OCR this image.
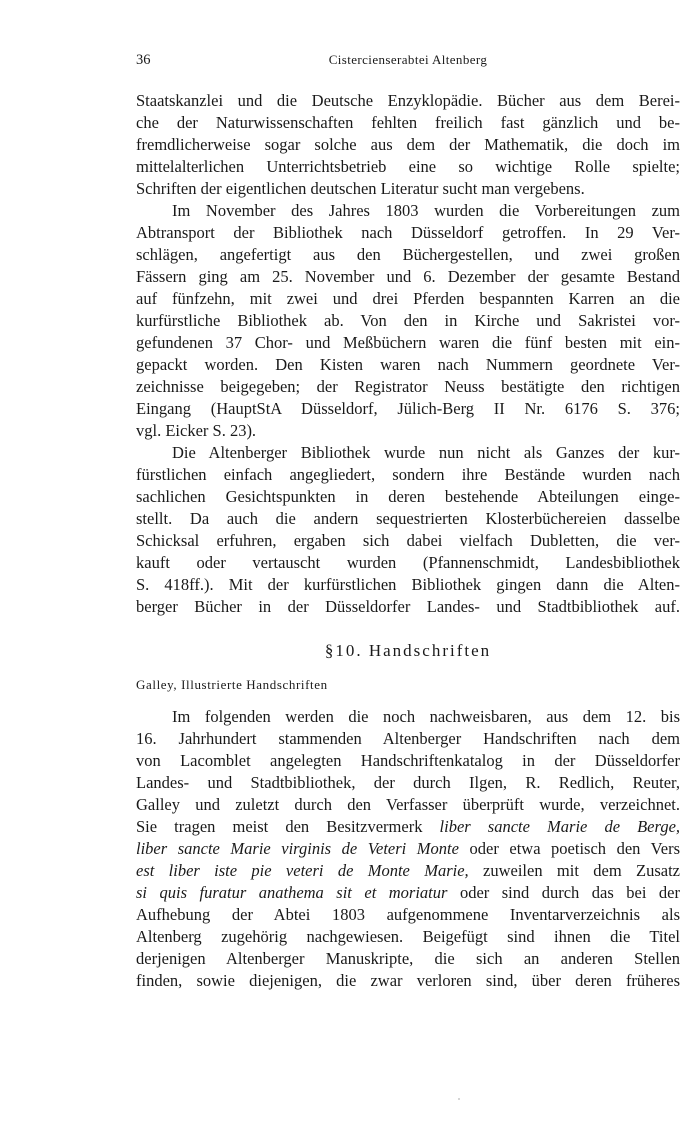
36	Cistercienserabtei Altenberg
Staatskanzlei und die Deutsche Enzyklopädie. Bücher aus dem Berei-
che der Naturwissenschaften fehlten freilich fast gänzlich und be-
fremdlicherweise sogar solche aus dem der Mathematik, die doch im
mittelalterlichen Unterrichtsbetrieb eine so wichtige Rolle spielte;
Schriften der eigentlichen deutschen Literatur sucht man vergebens.
Im November des Jahres 1803 wurden die Vorbereitungen zum
Abtransport der Bibliothek nach Düsseldorf getroffen. In 29 Ver-
schlägen, angefertigt aus den Büchergestellen, und zwei großen
Fässern ging am 25. November und 6. Dezember der gesamte Bestand
auf fünfzehn, mit zwei und drei Pferden bespannten Karren an die
kurfürstliche Bibliothek ab. Von den in Kirche und Sakristei vor-
gefundenen 37 Chor- und Meßbüchern waren die fünf besten mit ein-
gepackt worden. Den Kisten waren nach Nummern geordnete Ver-
zeichnisse beigegeben; der Registrator Neuss bestätigte den richtigen
Eingang (HauptStA Düsseldorf, Jülich-Berg II Nr. 6176 S. 376;
vgl. Eicker S. 23).
Die Altenberger Bibliothek wurde nun nicht als Ganzes der kur-
fürstlichen einfach angegliedert, sondern ihre Bestände wurden nach
sachlichen Gesichtspunkten in deren bestehende Abteilungen einge-
stellt. Da auch die andern sequestrierten Klosterbüchereien dasselbe
Schicksal erfuhren, ergaben sich dabei vielfach Dubletten, die ver-
kauft oder vertauscht wurden (Pfannenschmidt, Landesbibliothek
S. 418ff.). Mit der kurfürstlichen Bibliothek gingen dann die Alten-
berger Bücher in der Düsseldorfer Landes- und Stadtbibliothek auf.
§10. Handschriften
Galley, Illustrierte Handschriften
Im folgenden werden die noch nachweisbaren, aus dem 12. bis
16. Jahrhundert stammenden Altenberger Handschriften nach dem
von Lacomblet angelegten Handschriftenkatalog in der Düsseldorfer
Landes- und Stadtbibliothek, der durch Ilgen, R. Redlich, Reuter,
Galley und zuletzt durch den Verfasser überprüft wurde, verzeichnet.
Sie tragen meist den Besitzvermerk liber sancte Marie de Berge,
liber sancte Marie virginis de Veteri Monte oder etwa poetisch den Vers
est liber iste pie veteri de Monte Marie, zuweilen mit dem Zusatz
si quis furatur anathema sit et moriatur oder sind durch das bei der
Aufhebung der Abtei 1803 aufgenommene Inventarverzeichnis als
Altenberg zugehörig nachgewiesen. Beigefügt sind ihnen die Titel
derjenigen Altenberger Manuskripte, die sich an anderen Stellen
finden, sowie diejenigen, die zwar verloren sind, über deren früheres
